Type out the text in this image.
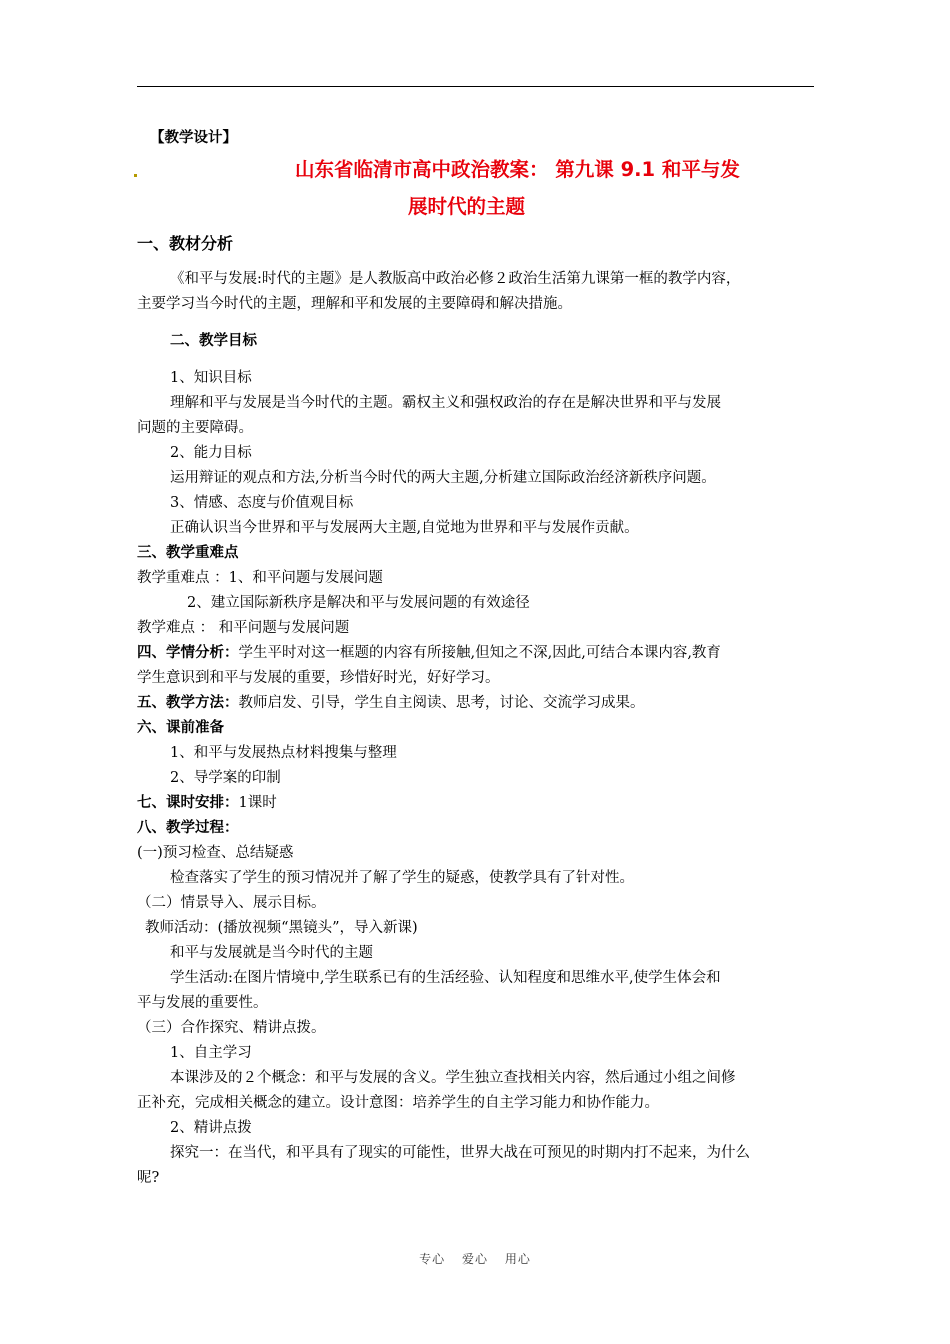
【教学设计】
山东省临清市高中政治教案： 第九课 9.1 和平与发
展时代的主题
一、教材分析
《和平与发展:时代的主题》是人教版高中政治必修２政治生活第九课第一框的教学内容，
主要学习当今时代的主题，理解和平和发展的主要障碍和解决措施。
二、教学目标
1、知识目标
理解和平与发展是当今时代的主题。霸权主义和强权政治的存在是解决世界和平与发展
问题的主要障碍。
2、能力目标
运用辩证的观点和方法,分析当今时代的两大主题,分析建立国际政治经济新秩序问题。
3、情感、态度与价值观目标
正确认识当今世界和平与发展两大主题,自觉地为世界和平与发展作贡献。
三、教学重难点
教学重难点 ：1、和平问题与发展问题
2、建立国际新秩序是解决和平与发展问题的有效途径
教学难点 ： 和平问题与发展问题
四、学情分析：学生平时对这一框题的内容有所接触,但知之不深,因此,可结合本课内容,教育
学生意识到和平与发展的重要，珍惜好时光，好好学习。
五、教学方法：教师启发、引导，学生自主阅读、思考，讨论、交流学习成果。
六、课前准备
1、和平与发展热点材料搜集与整理
2、导学案的印制
七、课时安排：1课时
八、教学过程：
(一)预习检查、总结疑惑
检查落实了学生的预习情况并了解了学生的疑惑，使教学具有了针对性。
（二）情景导入、展示目标。
教师活动：(播放视频“黑镜头”，导入新课)
和平与发展就是当今时代的主题
学生活动:在图片情境中,学生联系已有的生活经验、认知程度和思维水平,使学生体会和
平与发展的重要性。
（三）合作探究、精讲点拨。
1、自主学习
本课涉及的２个概念：和平与发展的含义。学生独立查找相关内容，然后通过小组之间修
正补充，完成相关概念的建立。设计意图：培养学生的自主学习能力和协作能力。
2、精讲点拨
探究一：在当代，和平具有了现实的可能性，世界大战在可预见的时期内打不起来，为什么
呢?
专心 爱心 用心
